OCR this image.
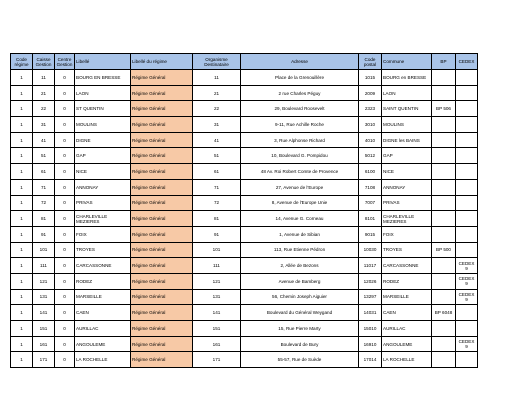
Code régime	Caisse Gestion	Centre Gestion	Libellé	Libellé du régime	Organisme Destinataire	Adresse	Code postal	Commune	BP	CEDEX
1	11	0	BOURG EN BRESSE	Régime Général	11	Place de la Grenouillère	1015	BOURG en BRESSE		
1	21	0	LAON	Régime Général	21	2 rue Charles Péguy	2009	LAON		
1	22	0	ST QUENTIN	Régime Général	22	29, Boulevard Roosevelt	2323	SAINT QUENTIN	BP 506	
1	31	0	MOULINS	Régime Général	31	9-11, Rue Achille Roche	3010	MOULINS		
1	41	0	DIGNE	Régime Général	41	3, Rue Alphonse Richard	4010	DIGNE les BAINS		
1	51	0	GAP	Régime Général	51	10, Boulevard G. Pompidou	5012	GAP		
1	61	0	NICE	Régime Général	61	48 Av. Roi Robert Comte de Provence	6100	NICE		
1	71	0	ANNONAY	Régime Général	71	27, Avenue de l'Europe	7108	ANNONAY		
1	72	0	PRIVAS	Régime Général	72	8, Avenue de l'Europe Unie	7007	PRIVAS		
1	81	0	CHARLEVILLE MEZIERES	Régime Général	81	14, Avenue G. Corneau	8101	CHARLEVILLE MEZIERES		
1	91	0	FOIX	Régime Général	91	1, Avenue de Sibian	9015	FOIX		
1	101	0	TROYES	Régime Général	101	113, Rue Etienne Pédron	10030	TROYES	BP 500	
1	111	0	CARCASSONNE	Régime Général	111	2, Allée de Bezons	11017	CARCASSONNE		CEDEX 9
1	121	0	RODEZ	Régime Général	121	Avenue de Bamberg	12026	RODEZ		CEDEX 9
1	131	0	MARSEILLE	Régime Général	131	56, Chemin Joseph Aiguier	13297	MARSEILLE		CEDEX 9
1	141	0	CAEN	Régime Général	141	Boulevard du Général Weygand	14031	CAEN	BP 6048	
1	151	0	AURILLAC	Régime Général	151	15, Rue Pierre Marty	15010	AURILLAC		
1	161	0	ANGOULEME	Régime Général	161	Boulevard de Bury	16910	ANGOULEME		CEDEX 9
1	171	0	LA ROCHELLE	Régime Général	171	55-57, Rue de Suède	17014	LA ROCHELLE		
